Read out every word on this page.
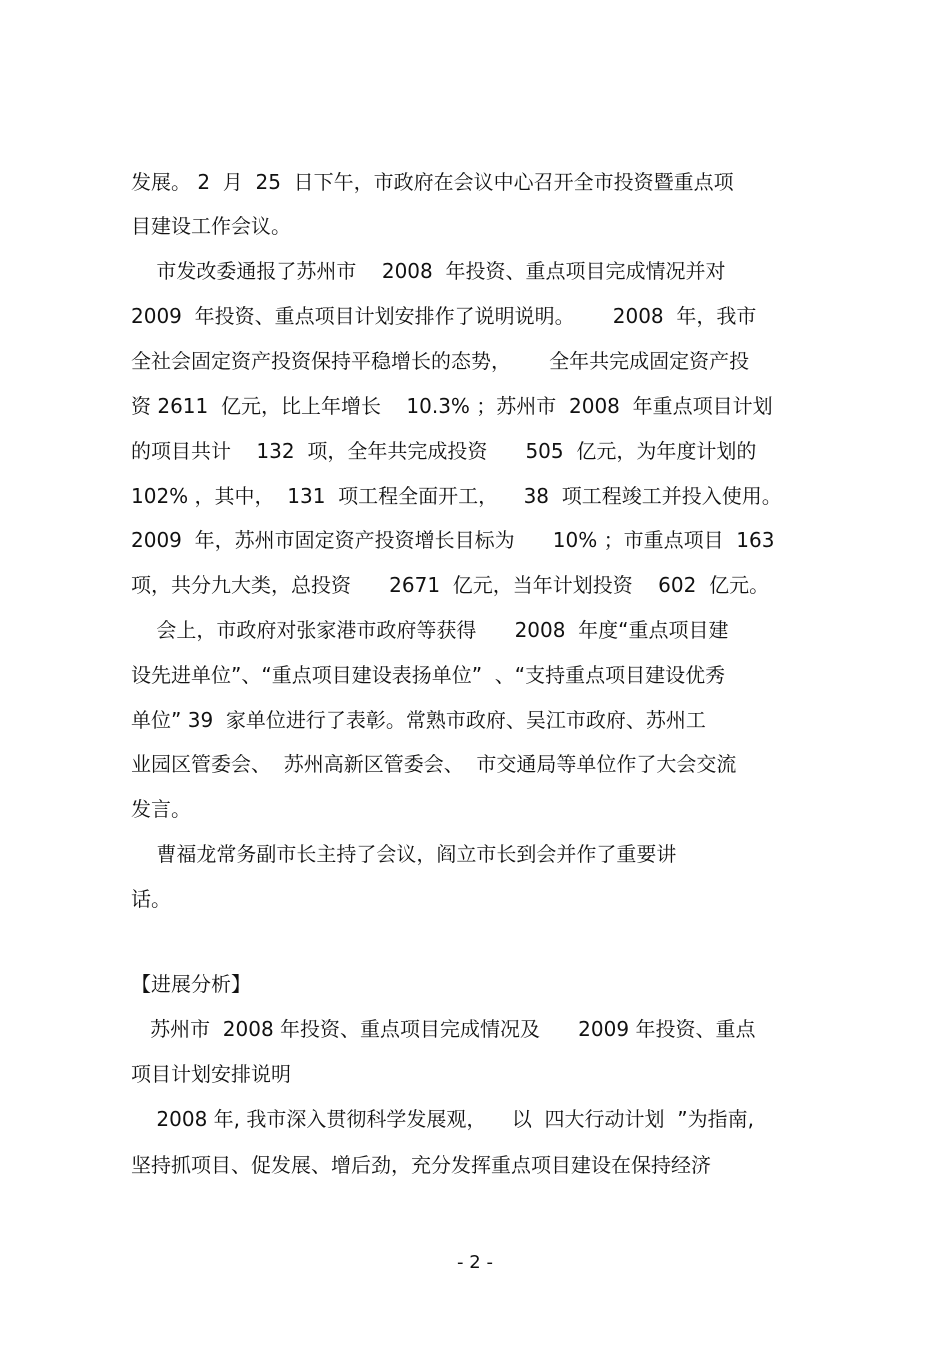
发展。 2  月  25  日下午，市政府在会议中心召开全市投资暨重点项
目建设工作会议。
市发改委通报了苏州市    2008  年投资、重点项目完成情况并对
2009  年投资、重点项目计划安排作了说明说明。      2008  年，我市
全社会固定资产投资保持平稳增长的态势，      全年共完成固定资产投
资 2611  亿元，比上年增长    10.3% ；苏州市  2008  年重点项目计划
的项目共计    132  项，全年共完成投资      505  亿元，为年度计划的
102% ，其中，  131  项工程全面开工，    38  项工程竣工并投入使用。
2009  年，苏州市固定资产投资增长目标为      10% ；市重点项目  163
项，共分九大类，总投资      2671  亿元，当年计划投资    602  亿元。
会上，市政府对张家港市政府等获得      2008  年度“重点项目建
设先进单位”、“重点项目建设表扬单位”  、“支持重点项目建设优秀
单位” 39  家单位进行了表彰。常熟市政府、吴江市政府、苏州工
业园区管委会、  苏州高新区管委会、  市交通局等单位作了大会交流
发言。
曹福龙常务副市长主持了会议，阎立市长到会并作了重要讲
话。
【进展分析】
苏州市  2008 年投资、重点项目完成情况及      2009 年投资、重点
项目计划安排说明
2008 年, 我市深入贯彻科学发展观，    以  四大行动计划  ”为指南,
坚持抓项目、促发展、增后劲，充分发挥重点项目建设在保持经济
- 2 -
